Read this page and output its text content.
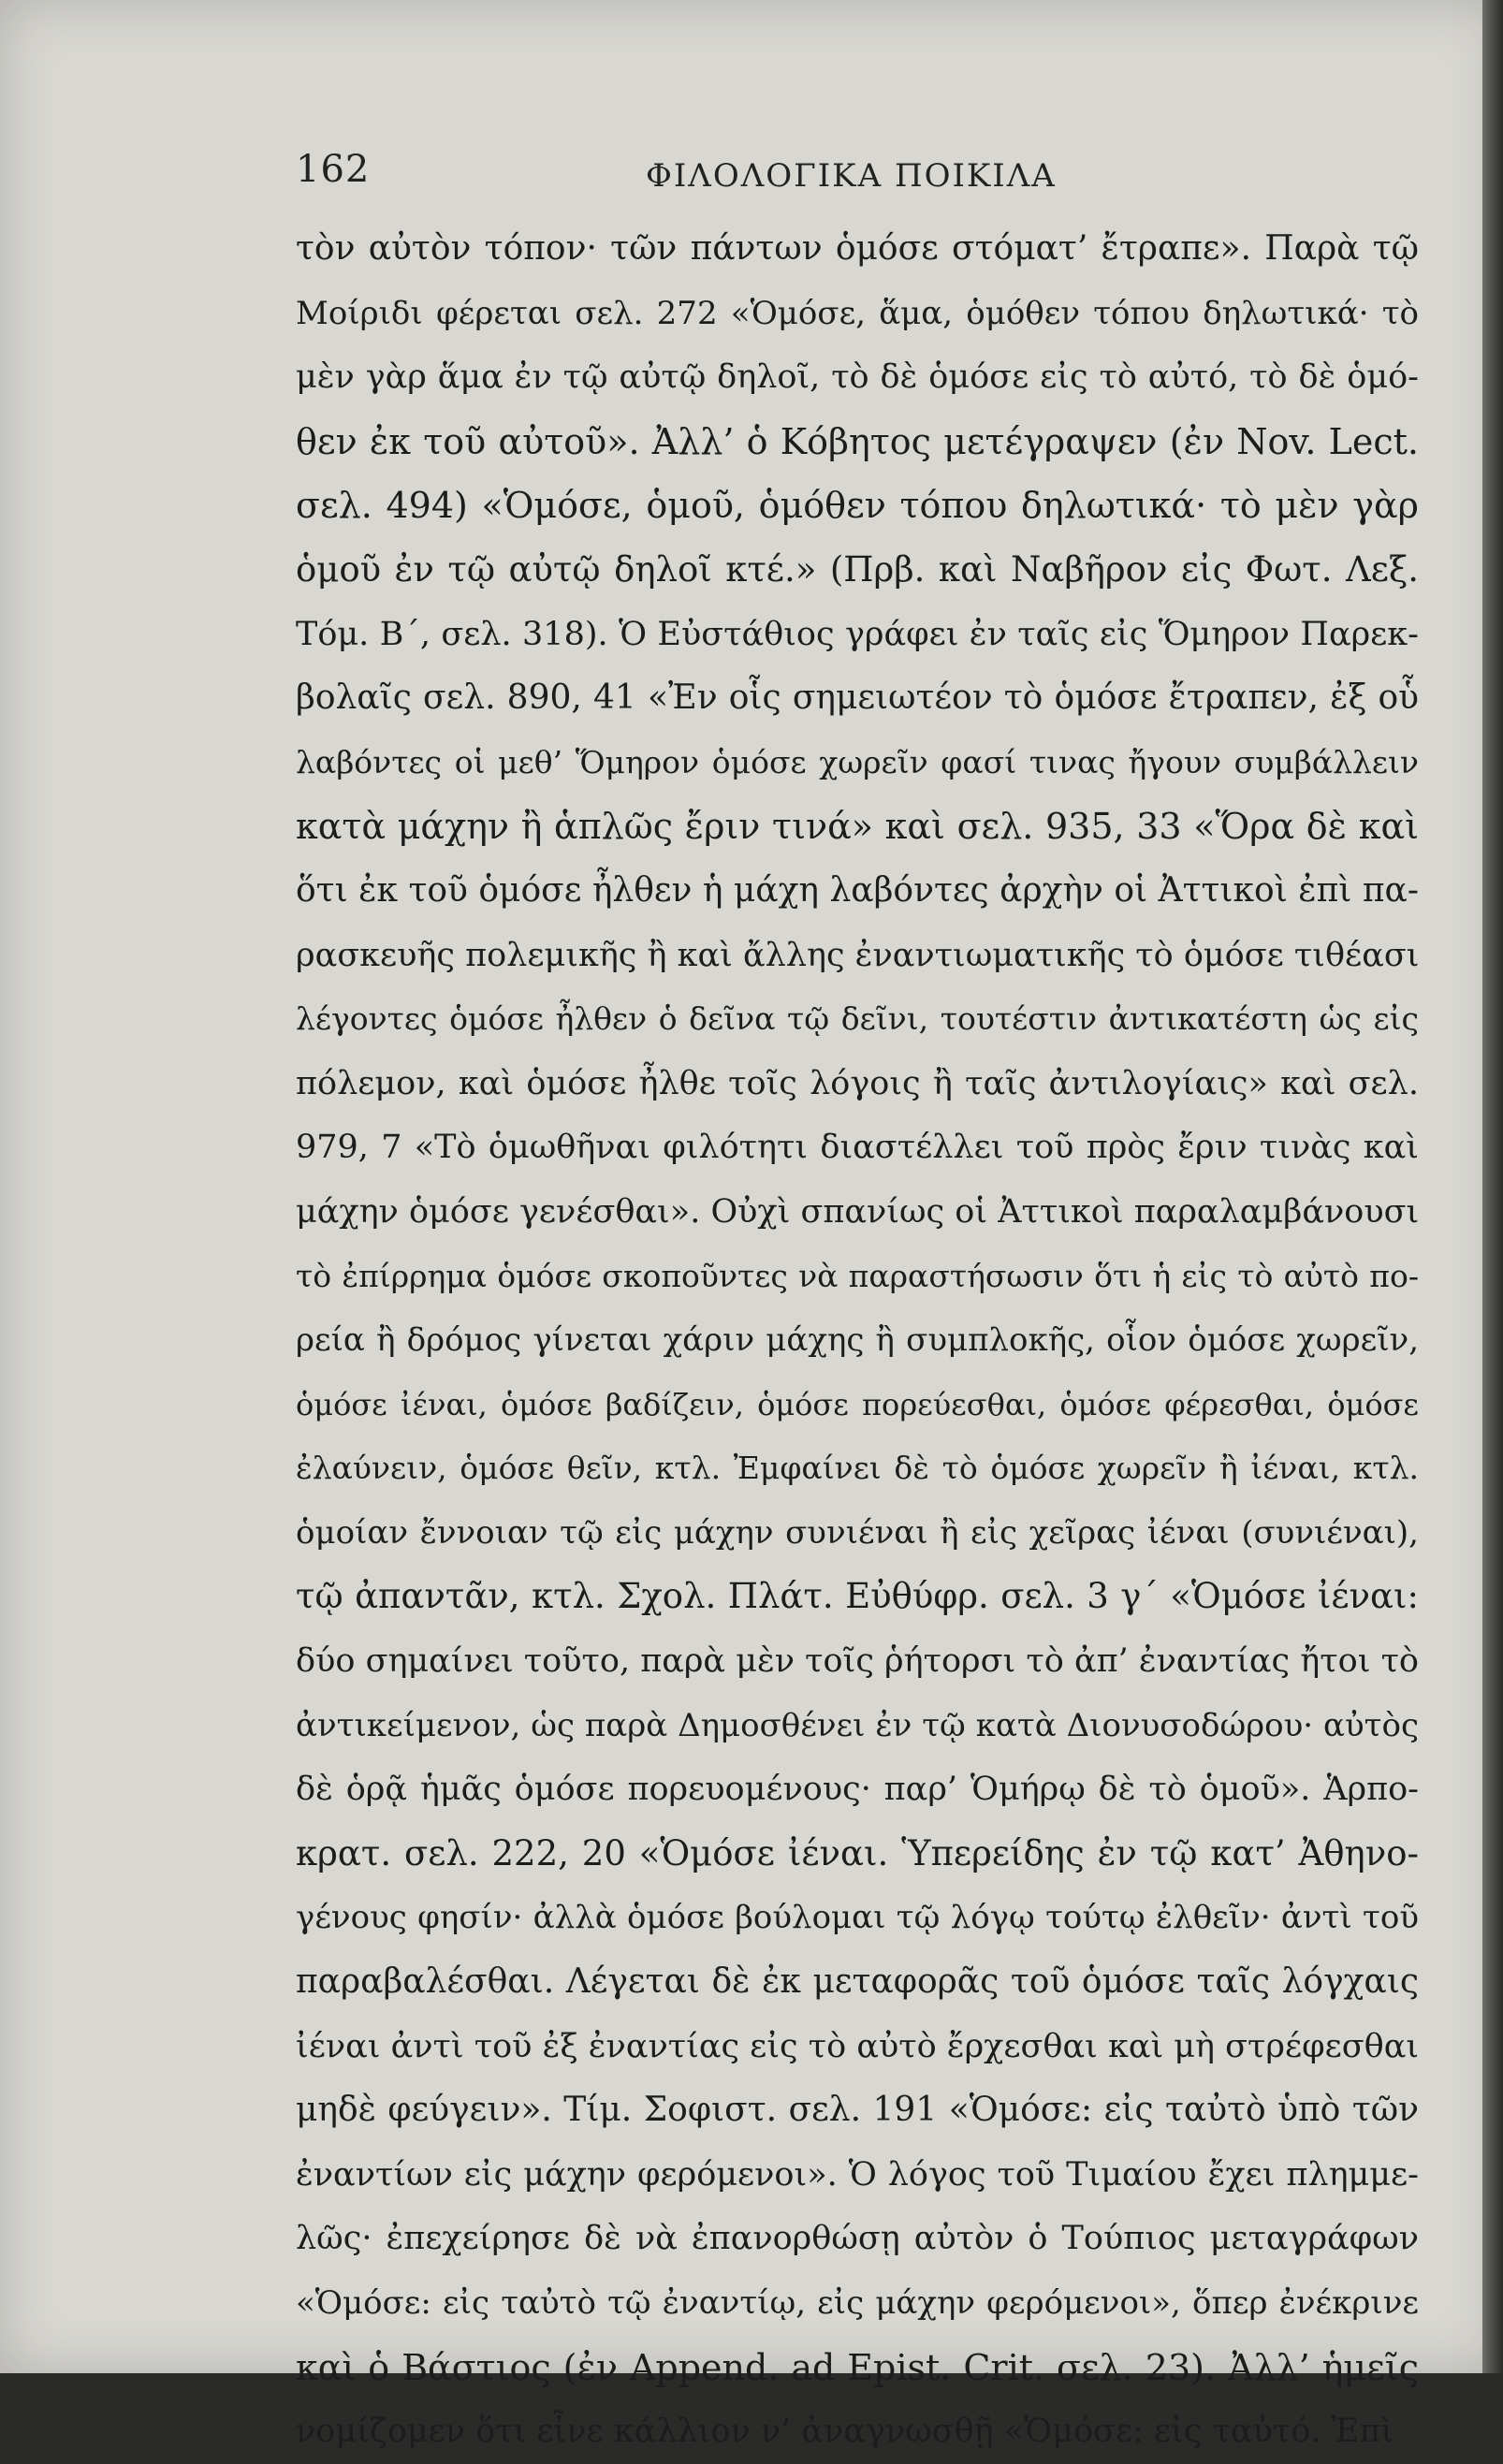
162	ΦΙΛΟΛΟΓΙΚΑ ΠΟΙΚΙΛΑ
τὸν αὐτὸν τόπον· τῶν πάντων ὁμόσε στόματ’ ἔτραπε». Παρὰ τῷ
Μοίριδι φέρεται σελ. 272 «Ὁμόσε, ἅμα, ὁμόθεν τόπου δηλωτικά· τὸ
μὲν γὰρ ἅμα ἐν τῷ αὐτῷ δηλοῖ, τὸ δὲ ὁμόσε εἰς τὸ αὐτό, τὸ δὲ ὁμό-
θεν ἐκ τοῦ αὐτοῦ». Ἀλλ’ ὁ Κόβητος μετέγραψεν (ἐν Nov. Lect.
σελ. 494) «Ὁμόσε, ὁμοῦ, ὁμόθεν τόπου δηλωτικά· τὸ μὲν γὰρ
ὁμοῦ ἐν τῷ αὐτῷ δηλοῖ κτέ.» (Πρβ. καὶ Ναβῆρον εἰς Φωτ. Λεξ.
Τόμ. Β΄, σελ. 318). Ὁ Εὐστάθιος γράφει ἐν ταῖς εἰς Ὅμηρον Παρεκ-
βολαῖς σελ. 890, 41 «Ἐν οἷς σημειωτέον τὸ ὁμόσε ἔτραπεν, ἐξ οὗ
λαβόντες οἱ μεθ’ Ὅμηρον ὁμόσε χωρεῖν φασί τινας ἤγουν συμβάλλειν
κατὰ μάχην ἢ ἁπλῶς ἔριν τινά» καὶ σελ. 935, 33 «Ὅρα δὲ καὶ
ὅτι ἐκ τοῦ ὁμόσε ἦλθεν ἡ μάχη λαβόντες ἀρχὴν οἱ Ἀττικοὶ ἐπὶ πα-
ρασκευῆς πολεμικῆς ἢ καὶ ἄλλης ἐναντιωματικῆς τὸ ὁμόσε τιθέασι
λέγοντες ὁμόσε ἦλθεν ὁ δεῖνα τῷ δεῖνι, τουτέστιν ἀντικατέστη ὡς εἰς
πόλεμον, καὶ ὁμόσε ἦλθε τοῖς λόγοις ἢ ταῖς ἀντιλογίαις» καὶ σελ.
979, 7 «Τὸ ὁμωθῆναι φιλότητι διαστέλλει τοῦ πρὸς ἔριν τινὰς καὶ
μάχην ὁμόσε γενέσθαι». Οὐχὶ σπανίως οἱ Ἀττικοὶ παραλαμβάνουσι
τὸ ἐπίρρημα ὁμόσε σκοποῦντες νὰ παραστήσωσιν ὅτι ἡ εἰς τὸ αὐτὸ πο-
ρεία ἢ δρόμος γίνεται χάριν μάχης ἢ συμπλοκῆς, οἷον ὁμόσε χωρεῖν,
ὁμόσε ἰέναι, ὁμόσε βαδίζειν, ὁμόσε πορεύεσθαι, ὁμόσε φέρεσθαι, ὁμόσε
ἐλαύνειν, ὁμόσε θεῖν, κτλ. Ἐμφαίνει δὲ τὸ ὁμόσε χωρεῖν ἢ ἰέναι, κτλ.
ὁμοίαν ἔννοιαν τῷ εἰς μάχην συνιέναι ἢ εἰς χεῖρας ἰέναι (συνιέναι),
τῷ ἀπαντᾶν, κτλ. Σχολ. Πλάτ. Εὐθύφρ. σελ. 3 γ΄ «Ὁμόσε ἰέναι:
δύο σημαίνει τοῦτο, παρὰ μὲν τοῖς ῥήτορσι τὸ ἀπ’ ἐναντίας ἤτοι τὸ
ἀντικείμενον, ὡς παρὰ Δημοσθένει ἐν τῷ κατὰ Διονυσοδώρου· αὐτὸς
δὲ ὁρᾷ ἡμᾶς ὁμόσε πορευομένους· παρ’ Ὁμήρῳ δὲ τὸ ὁμοῦ». Ἁρπο-
κρατ. σελ. 222, 20 «Ὁμόσε ἰέναι. Ὑπερείδης ἐν τῷ κατ’ Ἀθηνο-
γένους φησίν· ἀλλὰ ὁμόσε βούλομαι τῷ λόγῳ τούτῳ ἐλθεῖν· ἀντὶ τοῦ
παραβαλέσθαι. Λέγεται δὲ ἐκ μεταφορᾶς τοῦ ὁμόσε ταῖς λόγχαις
ἰέναι ἀντὶ τοῦ ἐξ ἐναντίας εἰς τὸ αὐτὸ ἔρχεσθαι καὶ μὴ στρέφεσθαι
μηδὲ φεύγειν». Τίμ. Σοφιστ. σελ. 191 «Ὁμόσε: εἰς ταὐτὸ ὑπὸ τῶν
ἐναντίων εἰς μάχην φερόμενοι». Ὁ λόγος τοῦ Τιμαίου ἔχει πλημμε-
λῶς· ἐπεχείρησε δὲ νὰ ἐπανορθώσῃ αὐτὸν ὁ Τούπιος μεταγράφων
«Ὁμόσε: εἰς ταὐτὸ τῷ ἐναντίῳ, εἰς μάχην φερόμενοι», ὅπερ ἐνέκρινε
καὶ ὁ Βάστιος (ἐν Append. ad Epist. Crit. σελ. 23). Ἀλλ’ ἡμεῖς
νομίζομεν ὅτι εἶνε κάλλιον ν’ ἀναγνωσθῇ «Ὁμόσε: εἰς ταὐτό. Ἐπὶ
